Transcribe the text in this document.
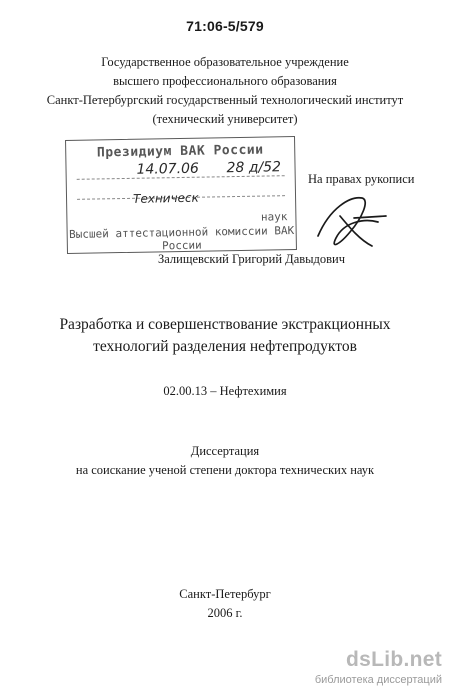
71:06-5/579
Государственное образовательное учреждение
высшего профессионального образования
Санкт-Петербургский государственный технологический институт
(технический университет)
Президиум ВАК России
14.07.06 28 д/52
Техническ
наук
Высшей аттестационной комиссии ВАК России
На правах рукописи
Залищевский Григорий Давыдович
Разработка и совершенствование экстракционных
технологий разделения нефтепродуктов
02.00.13 – Нефтехимия
Диссертация
на соискание ученой степени доктора технических наук
Санкт-Петербург
2006 г.
dsLib.net
библиотека диссертаций
